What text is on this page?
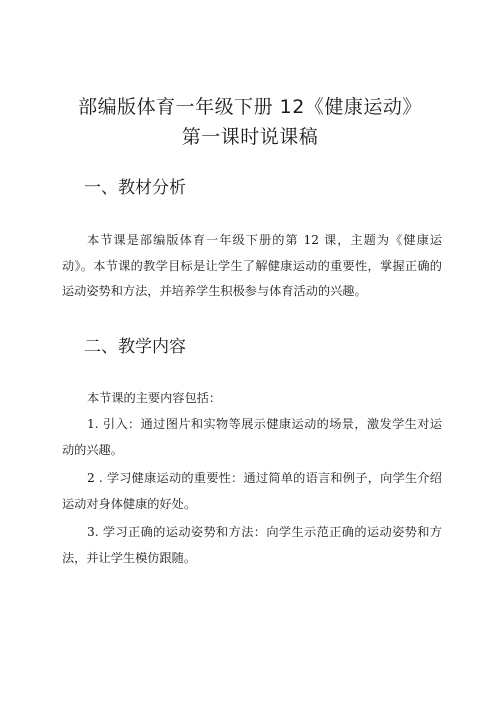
部编版体育一年级下册 12《健康运动》
第一课时说课稿
一、教材分析
本节课是部编版体育一年级下册的第 12 课，主题为《健康运动》。本节课的教学目标是让学生了解健康运动的重要性，掌握正确的运动姿势和方法，并培养学生积极参与体育活动的兴趣。
二、教学内容
本节课的主要内容包括：
1. 引入：通过图片和实物等展示健康运动的场景，激发学生对运动的兴趣。
2 . 学习健康运动的重要性：通过简单的语言和例子，向学生介绍运动对身体健康的好处。
3. 学习正确的运动姿势和方法：向学生示范正确的运动姿势和方法，并让学生模仿跟随。
